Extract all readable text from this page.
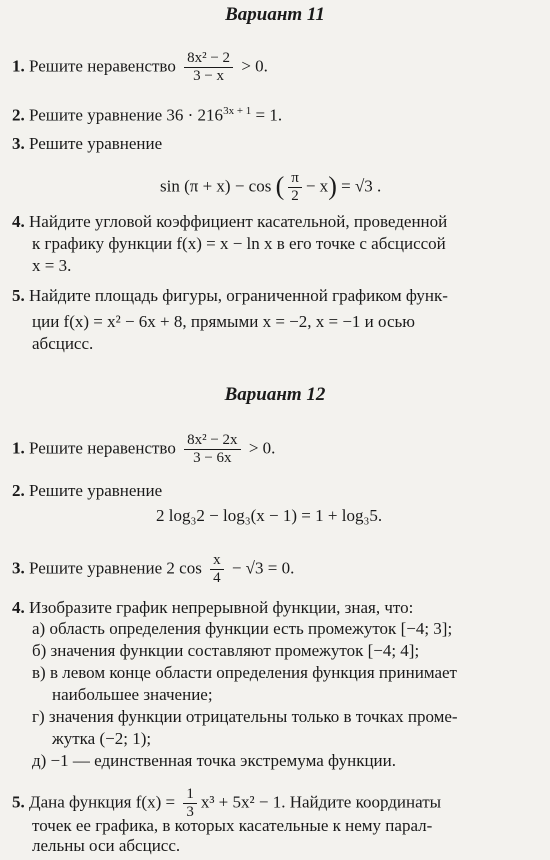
Вариант 11
1. Решите неравенство $\frac{\text{8x² − 2}}{3 - x} > 0$.
2. Решите уравнение $36 \cdot 216^{3x + 1} = 1$.
3. Решите уравнение
sin (π + x) − cos ( $\frac{\pi}{2} - x) = √3$ .
4. Найдите угловой коэффициент касательной, проведенной
к графику функции f(x) = x − ln x в его точке с абсциссой
x = 3.
5. Найдите площадь фигуры, ограниченной графиком функ-
ции f(x) = x² − 6x + 8, прямыми x = −2, x = −1 и осью
абсцисс.
Вариант 12
1. Решите неравенство $\frac{\text{8x² − 2x}}{3 - 6x} > 0$.
2. Решите уравнение
2 log₃2 − log₃(x − 1) = 1 + log₃5.
3. Решите уравнение 2 $\cos \frac{x}{4} - √3 = 0$.
4. Изобразите график непрерывной функции, зная, что:
а) область определения функции есть промежуток [−4; 3];
б) значения функции составляют промежуток [−4; 4];
в) в левом конце области определения функция принимает
наибольшее значение;
г) значения функции отрицательны только в точках проме-
жутка (−2; 1);
д) −1 — единственная точка экстремума функции.
5. Дана функция $f(x) = \frac{1}{3} x^3 + 5x^2 - 1$. Найдите координаты
точек ее графика, в которых касательные к нему парал-
лельны оси абсцисс.
